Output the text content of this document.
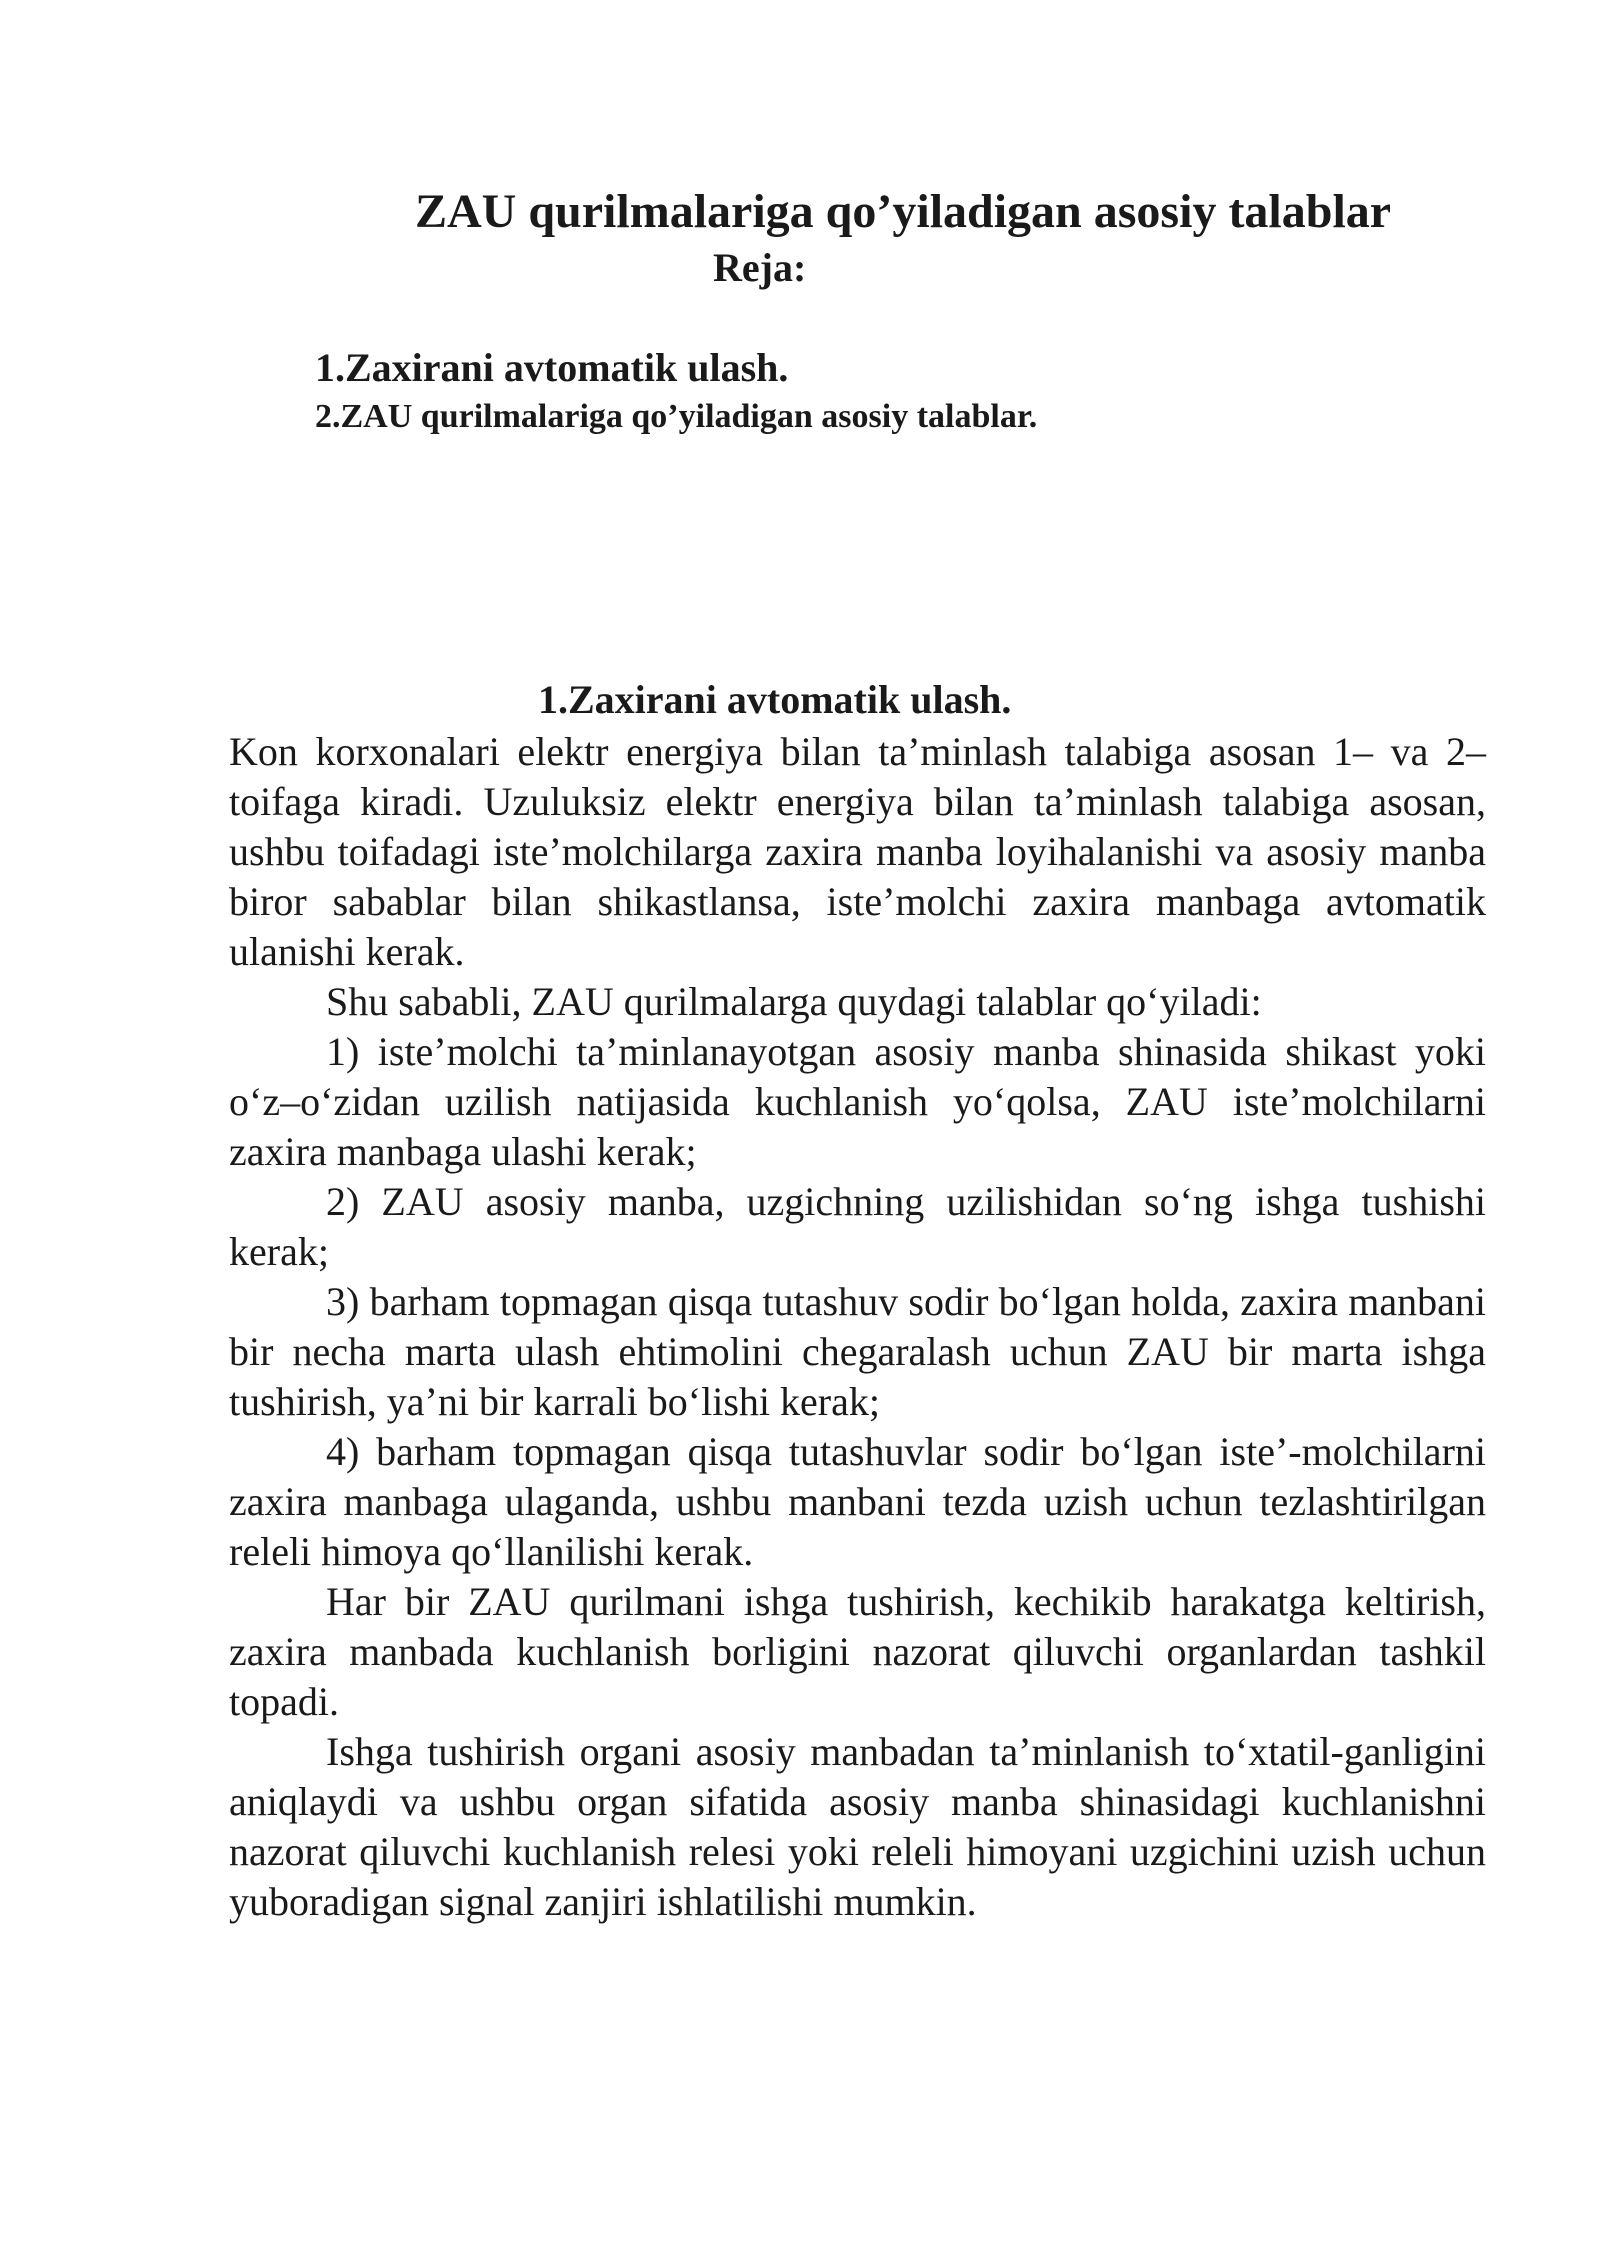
ZAU qurilmalariga qo’yiladigan asosiy talablar
Reja:
1.Zaxirani avtomatik ulash.
2.ZAU qurilmalariga qo’yiladigan asosiy talablar.
1.Zaxirani avtomatik ulash.

Kon korxonalari elektr energiya bilan ta’minlash talabiga asosan 1– va 2–toifaga kiradi. Uzuluksiz elektr energiya bilan ta’minlash talabiga asosan, ushbu toifadagi iste’molchilarga zaxira manba loyihalanishi va asosiy manba biror sabablar bilan shikastlansa, iste’molchi zaxira manbaga avtomatik ulanishi kerak.

Shu sababli, ZAU qurilmalarga quydagi talablar qo‘yiladi:

1) iste’molchi ta’minlanayotgan asosiy manba shinasida shikast yoki o‘z–o‘zidan uzilish natijasida kuchlanish yo‘qolsa, ZAU iste’molchilarni zaxira manbaga ulashi kerak;

2) ZAU asosiy manba, uzgichning uzilishidan so‘ng ishga tushishi kerak;

3) barham topmagan qisqa tutashuv sodir bo‘lgan holda, zaxira manbani bir necha marta ulash ehtimolini chegaralash uchun ZAU bir marta ishga tushirish, ya’ni bir karrali bo‘lishi kerak;

4) barham topmagan qisqa tutashuvlar sodir bo‘lgan iste’-molchilarni zaxira manbaga ulaganda, ushbu manbani tezda uzish uchun tezlashtirilgan releli himoya qo‘llanilishi kerak.

Har bir ZAU qurilmani ishga tushirish, kechikib harakatga keltirish, zaxira manbada kuchlanish borligini nazorat qiluvchi organlardan tashkil topadi.

Ishga tushirish organi asosiy manbadan ta’minlanish to‘xtatil-ganligini aniqlaydi va ushbu organ sifatida asosiy manba shinasidagi kuchlanishni nazorat qiluvchi kuchlanish relesi yoki releli himoyani uzgichini uzish uchun yuboradigan signal zanjiri ishlatilishi mumkin.
